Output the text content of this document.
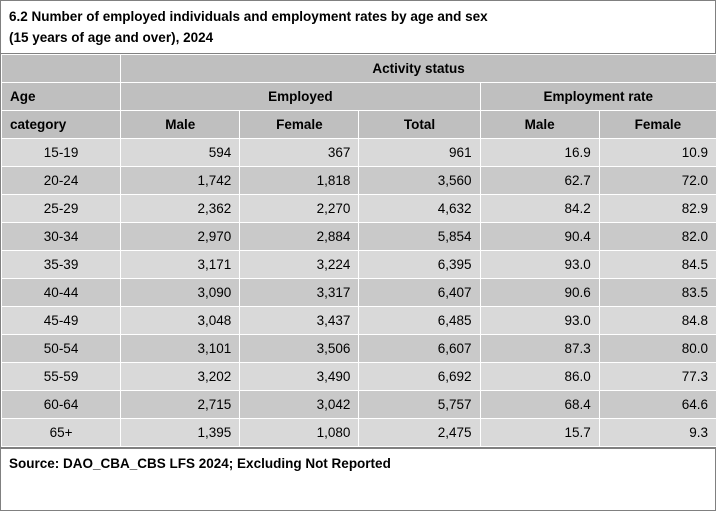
6.2 Number of employed individuals and employment rates by age and sex
(15 years of age and over), 2024
	Activity status				
Age	Employed			Employment rate	
category	Male	Female	Total	Male	Female
15-19	594	367	961	16.9	10.9
20-24	1,742	1,818	3,560	62.7	72.0
25-29	2,362	2,270	4,632	84.2	82.9
30-34	2,970	2,884	5,854	90.4	82.0
35-39	3,171	3,224	6,395	93.0	84.5
40-44	3,090	3,317	6,407	90.6	83.5
45-49	3,048	3,437	6,485	93.0	84.8
50-54	3,101	3,506	6,607	87.3	80.0
55-59	3,202	3,490	6,692	86.0	77.3
60-64	2,715	3,042	5,757	68.4	64.6
65+	1,395	1,080	2,475	15.7	9.3
Source: DAO_CBA_CBS LFS 2024; Excluding Not Reported
